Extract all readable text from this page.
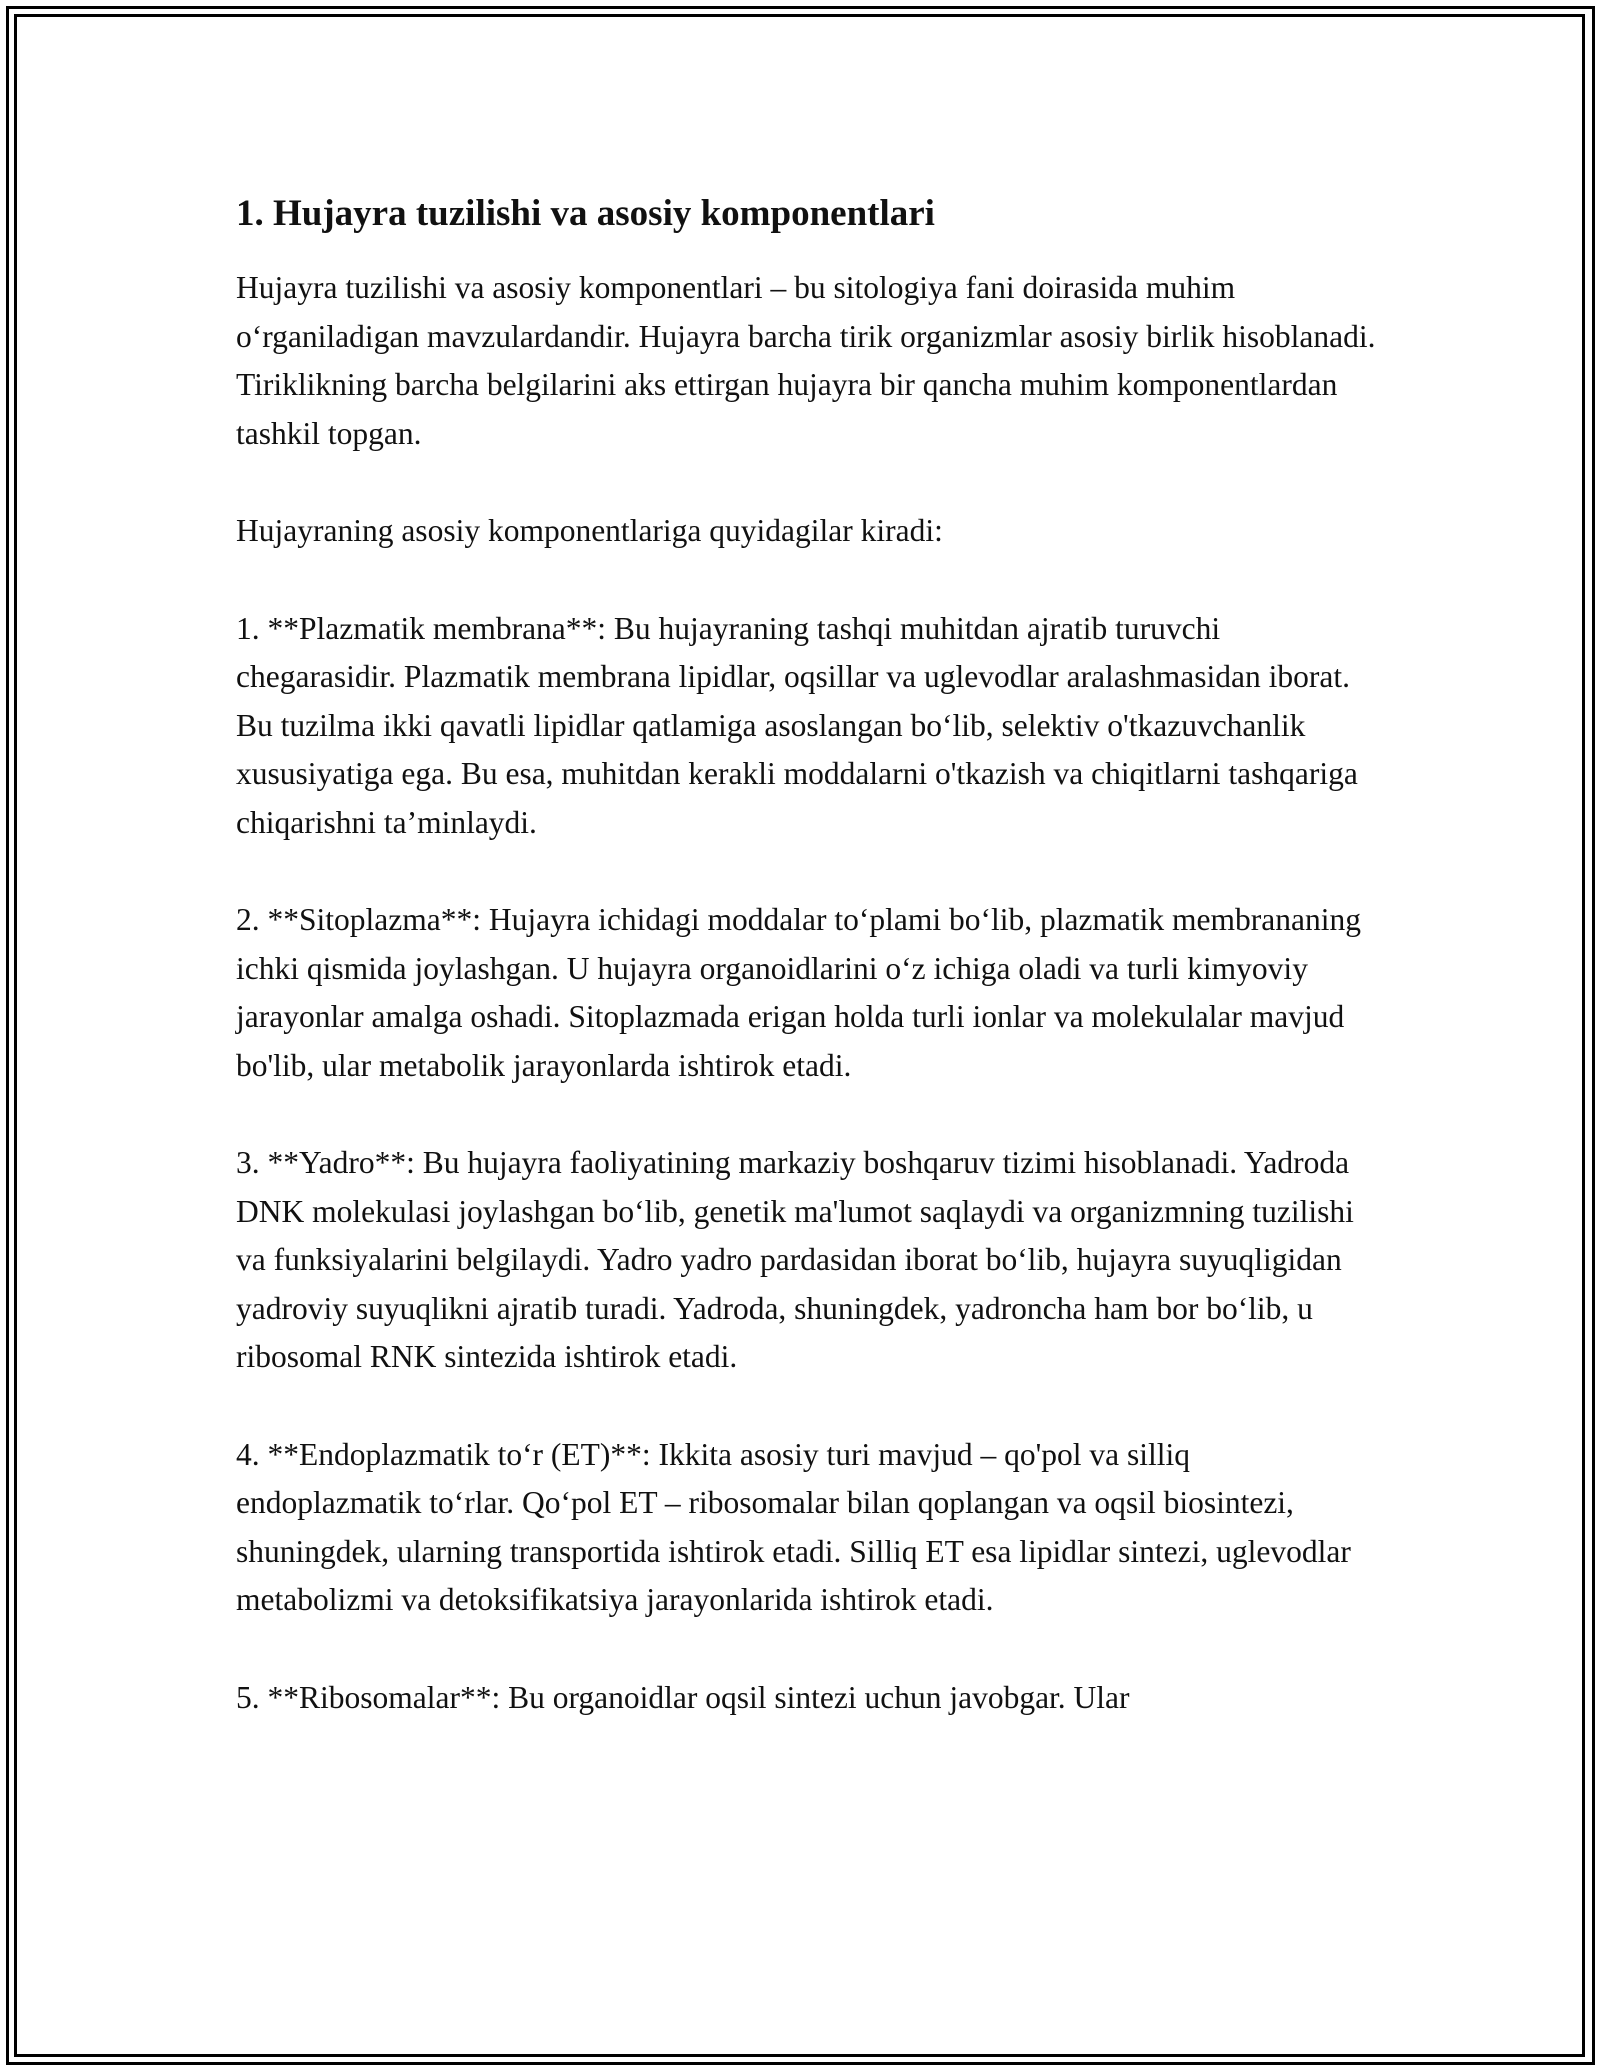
1. Hujayra tuzilishi va asosiy komponentlari

Hujayra tuzilishi va asosiy komponentlari – bu sitologiya fani doirasida muhim oʻrganiladigan mavzulardandir. Hujayra barcha tirik organizmlar asosiy birlik hisoblanadi. Tiriklikning barcha belgilarini aks ettirgan hujayra bir qancha muhim komponentlardan tashkil topgan.

Hujayraning asosiy komponentlariga quyidagilar kiradi:

1. **Plazmatik membrana**: Bu hujayraning tashqi muhitdan ajratib turuvchi chegarasidir. Plazmatik membrana lipidlar, oqsillar va uglevodlar aralashmasidan iborat. Bu tuzilma ikki qavatli lipidlar qatlamiga asoslangan boʻlib, selektiv o'tkazuvchanlik xususiyatiga ega. Bu esa, muhitdan kerakli moddalarni o'tkazish va chiqitlarni tashqariga chiqarishni ta’minlaydi.

2. **Sitoplazma**: Hujayra ichidagi moddalar toʻplami boʻlib, plazmatik membrananing ichki qismida joylashgan. U hujayra organoidlarini oʻz ichiga oladi va turli kimyoviy jarayonlar amalga oshadi. Sitoplazmada erigan holda turli ionlar va molekulalar mavjud bo'lib, ular metabolik jarayonlarda ishtirok etadi.

3. **Yadro**: Bu hujayra faoliyatining markaziy boshqaruv tizimi hisoblanadi. Yadroda DNK molekulasi joylashgan boʻlib, genetik ma'lumot saqlaydi va organizmning tuzilishi va funksiyalarini belgilaydi. Yadro yadro pardasidan iborat boʻlib, hujayra suyuqligidan yadroviy suyuqlikni ajratib turadi. Yadroda, shuningdek, yadroncha ham bor boʻlib, u ribosomal RNK sintezida ishtirok etadi.

4. **Endoplazmatik toʻr (ET)**: Ikkita asosiy turi mavjud – qo'pol va silliq endoplazmatik toʻrlar. Qoʻpol ET – ribosomalar bilan qoplangan va oqsil biosintezi, shuningdek, ularning transportida ishtirok etadi. Silliq ET esa lipidlar sintezi, uglevodlar metabolizmi va detoksifikatsiya jarayonlarida ishtirok etadi.

5. **Ribosomalar**: Bu organoidlar oqsil sintezi uchun javobgar. Ular
